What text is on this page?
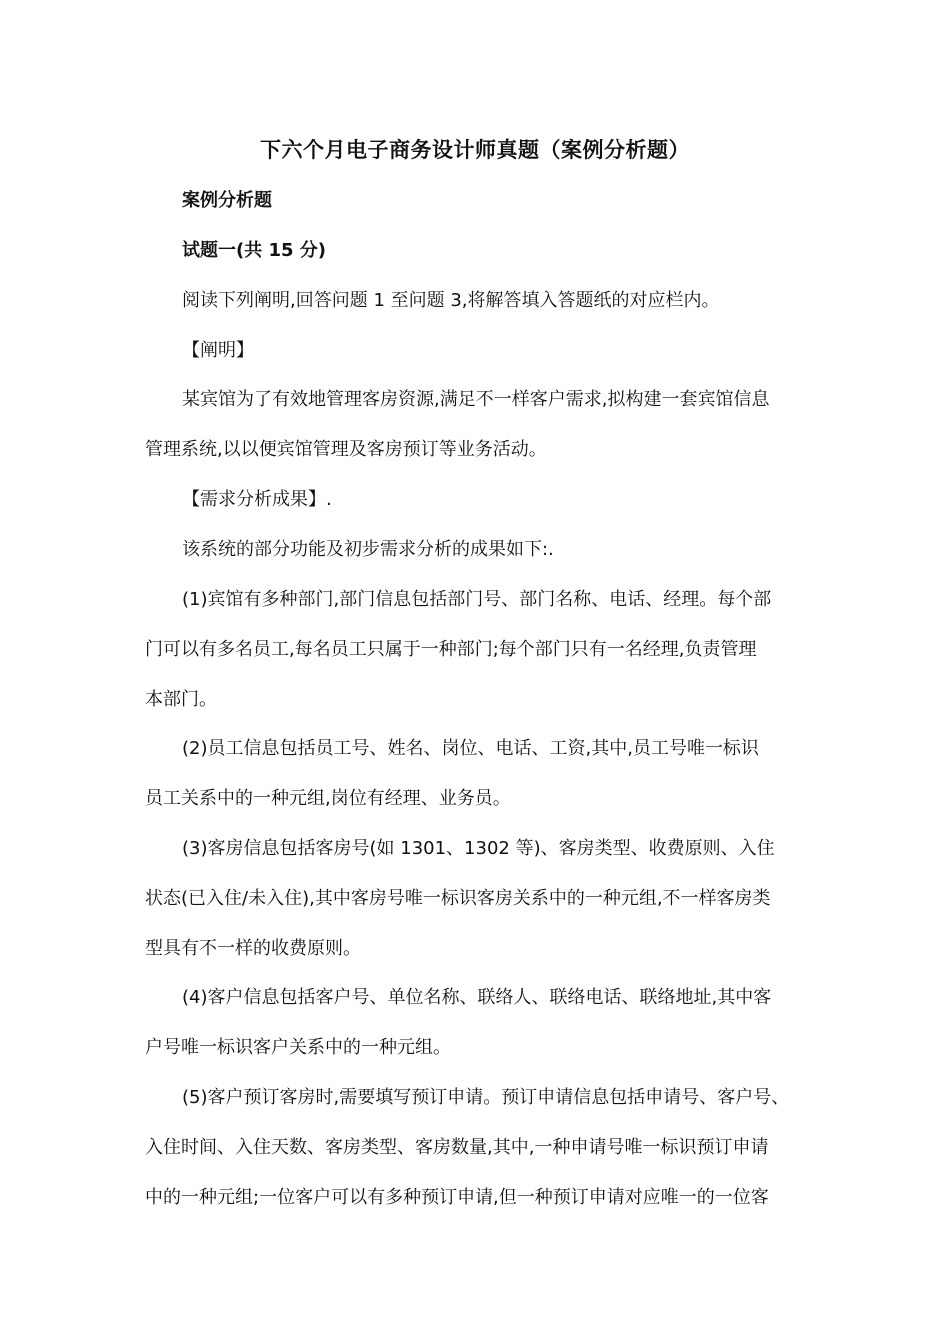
下六个月电子商务设计师真题（案例分析题）
案例分析题
试题一(共 15 分)
阅读下列阐明,回答问题 1 至问题 3,将解答填入答题纸的对应栏内。
【阐明】
某宾馆为了有效地管理客房资源,满足不一样客户需求,拟构建一套宾馆信息
管理系统,以以便宾馆管理及客房预订等业务活动。
【需求分析成果】.
该系统的部分功能及初步需求分析的成果如下:.
(1)宾馆有多种部门,部门信息包括部门号、部门名称、电话、经理。每个部
门可以有多名员工,每名员工只属于一种部门;每个部门只有一名经理,负责管理
本部门。
(2)员工信息包括员工号、姓名、岗位、电话、工资,其中,员工号唯一标识
员工关系中的一种元组,岗位有经理、业务员。
(3)客房信息包括客房号(如 1301、1302 等)、客房类型、收费原则、入住
状态(已入住/未入住),其中客房号唯一标识客房关系中的一种元组,不一样客房类
型具有不一样的收费原则。
(4)客户信息包括客户号、单位名称、联络人、联络电话、联络地址,其中客
户号唯一标识客户关系中的一种元组。
(5)客户预订客房时,需要填写预订申请。预订申请信息包括申请号、客户号、
入住时间、入住天数、客房类型、客房数量,其中,一种申请号唯一标识预订申请
中的一种元组;一位客户可以有多种预订申请,但一种预订申请对应唯一的一位客
